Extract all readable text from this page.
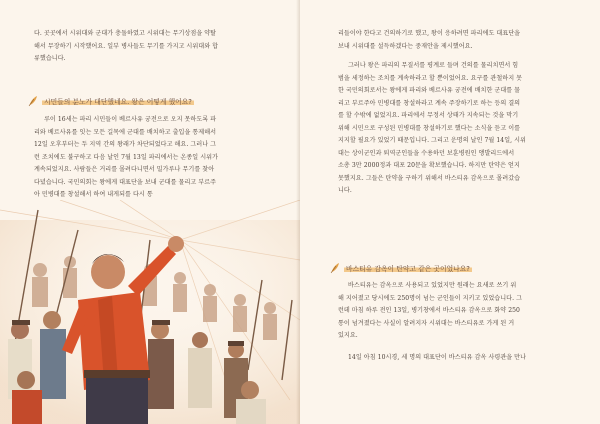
다. 곳곳에서 시위대와 군대가 충돌하였고 시위대는 무기상점을 약탈

해서 무장하기 시작했어요. 일부 병사들도 무기를 가지고 시위대와 합

류했습니다.

시민들의 분노가 대단했네요. 왕은 어떻게 했어요?

루이 16세는 파리 시민들이 베르사유 궁전으로 오지 못하도록 파

리와 베르사유를 잇는 모든 길목에 군대를 배치하고 출입을 통제해서

12일 오후부터는 두 지역 간의 왕래가 차단되었다고 해요. 그러나 그

런 조치에도 불구하고 다음 날인 7월 13일 파리에서는 온종일 시위가

계속되었지요. 사람들은 거리를 몰려다니면서 밀가루나 무기를 찾아

다녔습니다. 국민의회는 왕에게 대표단을 보내 군대를 물리고 부르주

아 민병대를 창설해서 하여 내게되를 다시 통

리들이야 한다고 건의하기로 했고, 왕이 응하려면 파리에도 대표단을

보내 시위대를 설득하겠다는 중재안을 제시했어요.

그러나 왕은 파리의 무질서를 평계로 들며 건의를 물리치면서 힘

범을 세정하는 조치를 계속하라고 할 뿐이었어요. 요구를 관철하지 못

한 국민의회로서는 왕에게 파리와 베르사유 궁전에 배치한 군대를 물

리고 부르주아 민병대를 창설하라고 계속 주장하기로 하는 등의 결의

를 할 수밖에 없었지요. 파리에서 무정서 상태가 지속되는 것을 막기

위해 시민으로 구성된 민병대를 창설하기로 했다는 소식을 듣고 이를

지지할 필요가 있었기 때문입니다. 그리고 운명의 날인 7월 14일, 시위

대는 상이군인과 퇴역군인들을 수용하던 보훈병원인 앵발리드에서

소총 3만 2000정과 대포 20문을 확보했습니다. 하지만 탄약은 얻지

못했지요. 그들은 탄약을 구하기 위해서 바스티유 감옥으로 몰려갔습

니다.

바스티유 감옥이 탄약고 같은 곳이었나요?

바스티유는 감옥으로 사용되고 있었지만 원래는 요새로 쓰기 위

해 지어졌고 당시에도 250명이 넘는 군인들이 지키고 있었습니다. 그

런데 마침 하루 전인 13일, 병기창에서 바스티유 감옥으로 화약 250

통이 넘겨졌다는 사실이 알려지자 시위대는 바스티유로 가게 된 거

있지요.

14일 아침 10시경, 세 명의 대표단이 바스티유 감옥 사령관을 만나
